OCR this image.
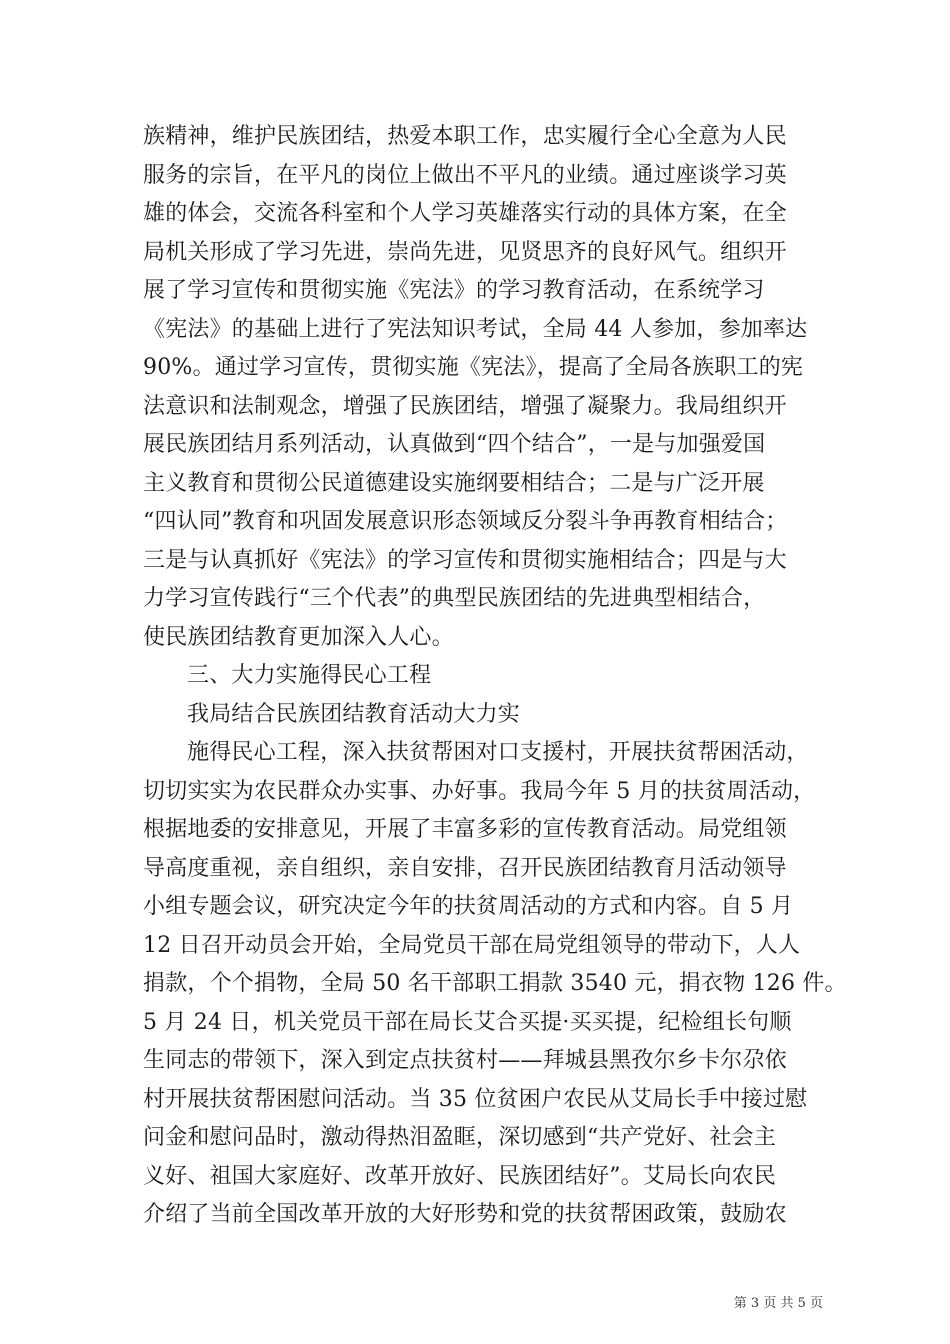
族精神，维护民族团结，热爱本职工作，忠实履行全心全意为人民
服务的宗旨，在平凡的岗位上做出不平凡的业绩。通过座谈学习英
雄的体会，交流各科室和个人学习英雄落实行动的具体方案，在全
局机关形成了学习先进，崇尚先进，见贤思齐的良好风气。组织开
展了学习宣传和贯彻实施《宪法》的学习教育活动，在系统学习
《宪法》的基础上进行了宪法知识考试，全局 44 人参加，参加率达
90%。通过学习宣传，贯彻实施《宪法》，提高了全局各族职工的宪
法意识和法制观念，增强了民族团结，增强了凝聚力。我局组织开
展民族团结月系列活动，认真做到“四个结合”，一是与加强爱国
主义教育和贯彻公民道德建设实施纲要相结合；二是与广泛开展
“四认同”教育和巩固发展意识形态领域反分裂斗争再教育相结合；
三是与认真抓好《宪法》的学习宣传和贯彻实施相结合；四是与大
力学习宣传践行“三个代表”的典型民族团结的先进典型相结合，
使民族团结教育更加深入人心。
三、大力实施得民心工程
我局结合民族团结教育活动大力实
施得民心工程，深入扶贫帮困对口支援村，开展扶贫帮困活动，
切切实实为农民群众办实事、办好事。我局今年 5 月的扶贫周活动，
根据地委的安排意见，开展了丰富多彩的宣传教育活动。局党组领
导高度重视，亲自组织，亲自安排，召开民族团结教育月活动领导
小组专题会议，研究决定今年的扶贫周活动的方式和内容。自 5 月
12 日召开动员会开始，全局党员干部在局党组领导的带动下，人人
捐款，个个捐物，全局 50 名干部职工捐款 3540 元，捐衣物 126 件。
5 月 24 日，机关党员干部在局长艾合买提·买买提，纪检组长句顺
生同志的带领下，深入到定点扶贫村——拜城县黑孜尔乡卡尔尕依
村开展扶贫帮困慰问活动。当 35 位贫困户农民从艾局长手中接过慰
问金和慰问品时，激动得热泪盈眶，深切感到“共产党好、社会主
义好、祖国大家庭好、改革开放好、民族团结好”。艾局长向农民
介绍了当前全国改革开放的大好形势和党的扶贫帮困政策，鼓励农
第 3 页 共 5 页
